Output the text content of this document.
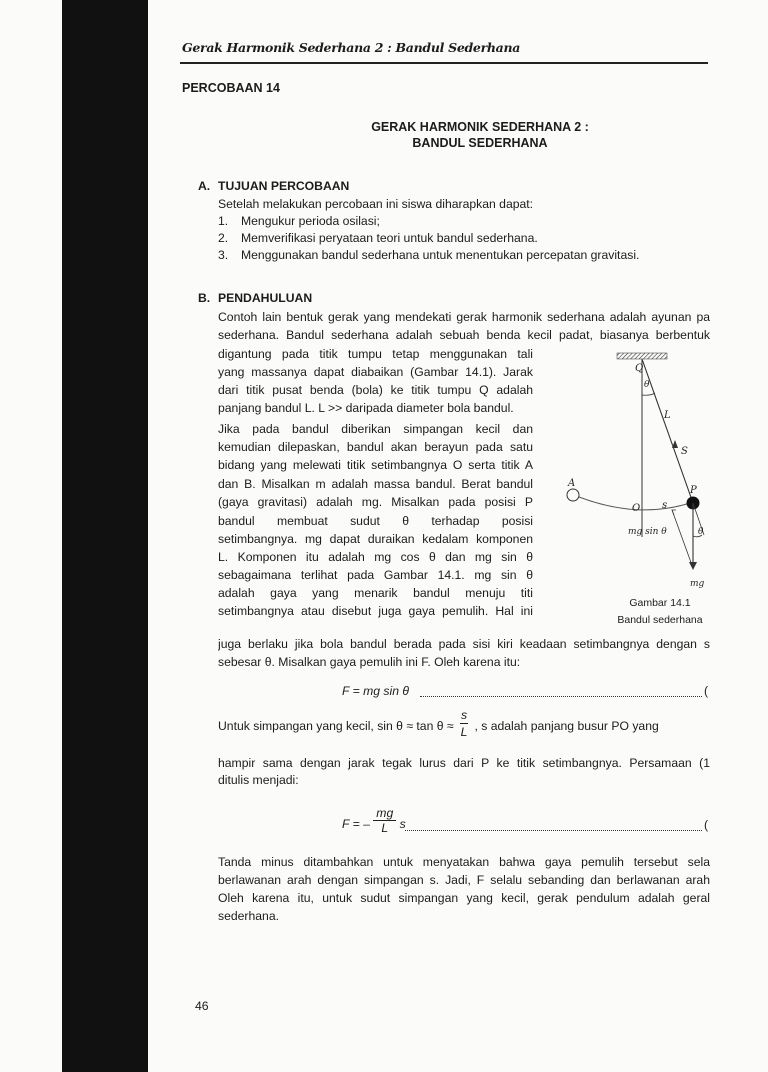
Gerak Harmonik Sederhana 2 : Bandul Sederhana
PERCOBAAN 14
GERAK HARMONIK SEDERHANA 2 :
BANDUL SEDERHANA
A. TUJUAN PERCOBAAN
Setelah melakukan percobaan ini siswa diharapkan dapat:
1. Mengukur perioda osilasi;
2. Memverifikasi peryataan teori untuk bandul sederhana.
3. Menggunakan bandul sederhana untuk menentukan percepatan gravitasi.
B. PENDAHULUAN
Contoh lain bentuk gerak yang mendekati gerak harmonik sederhana adalah ayunan pa
sederhana. Bandul sederhana adalah sebuah benda kecil padat, biasanya berbentuk
digantung pada titik tumpu tetap menggunakan tali
yang massanya dapat diabaikan (Gambar 14.1). Jarak
dari titik pusat benda (bola) ke titik tumpu Q adalah
panjang bandul L. L >> daripada diameter bola bandul.
Jika pada bandul diberikan simpangan kecil dan
kemudian dilepaskan, bandul akan berayun pada satu
bidang yang melewati titik setimbangnya O serta titik A
dan B. Misalkan m adalah massa bandul. Berat bandul
(gaya gravitasi) adalah mg. Misalkan pada posisi P
bandul membuat sudut θ terhadap posisi
setimbangnya. mg dapat duraikan kedalam komponen
L. Komponen itu adalah mg cos θ dan mg sin θ
sebagaimana terlihat pada Gambar 14.1. mg sin θ
adalah gaya yang menarik bandul menuju titi
setimbangnya atau disebut juga gaya pemulih. Hal ini
juga berlaku jika bola bandul berada pada sisi kiri keadaan setimbangnya dengan s
sebesar θ. Misalkan gaya pemulih ini F. Oleh karena itu:
F = mg sin θ	(
Untuk simpangan yang kecil, $\sin \theta \approx \tan \theta \approx \frac{s}{L}$ , s adalah panjang busur PO yang
hampir sama dengan jarak tegak lurus dari P ke titik setimbangnya. Persamaan (1
ditulis menjadi:
F = – $\frac{mg}{L}$ s	(
Tanda minus ditambahkan untuk menyatakan bahwa gaya pemulih tersebut sela
berlawanan arah dengan simpangan s. Jadi, F selalu sebanding dan berlawanan arah
Oleh karena itu, untuk sudut simpangan yang kecil, gerak pendulum adalah geral
sederhana.
Q
θ
L
S
A
O s
P
mg sin θ	θ
mg
Gambar 14.1
Bandul sederhana
46
